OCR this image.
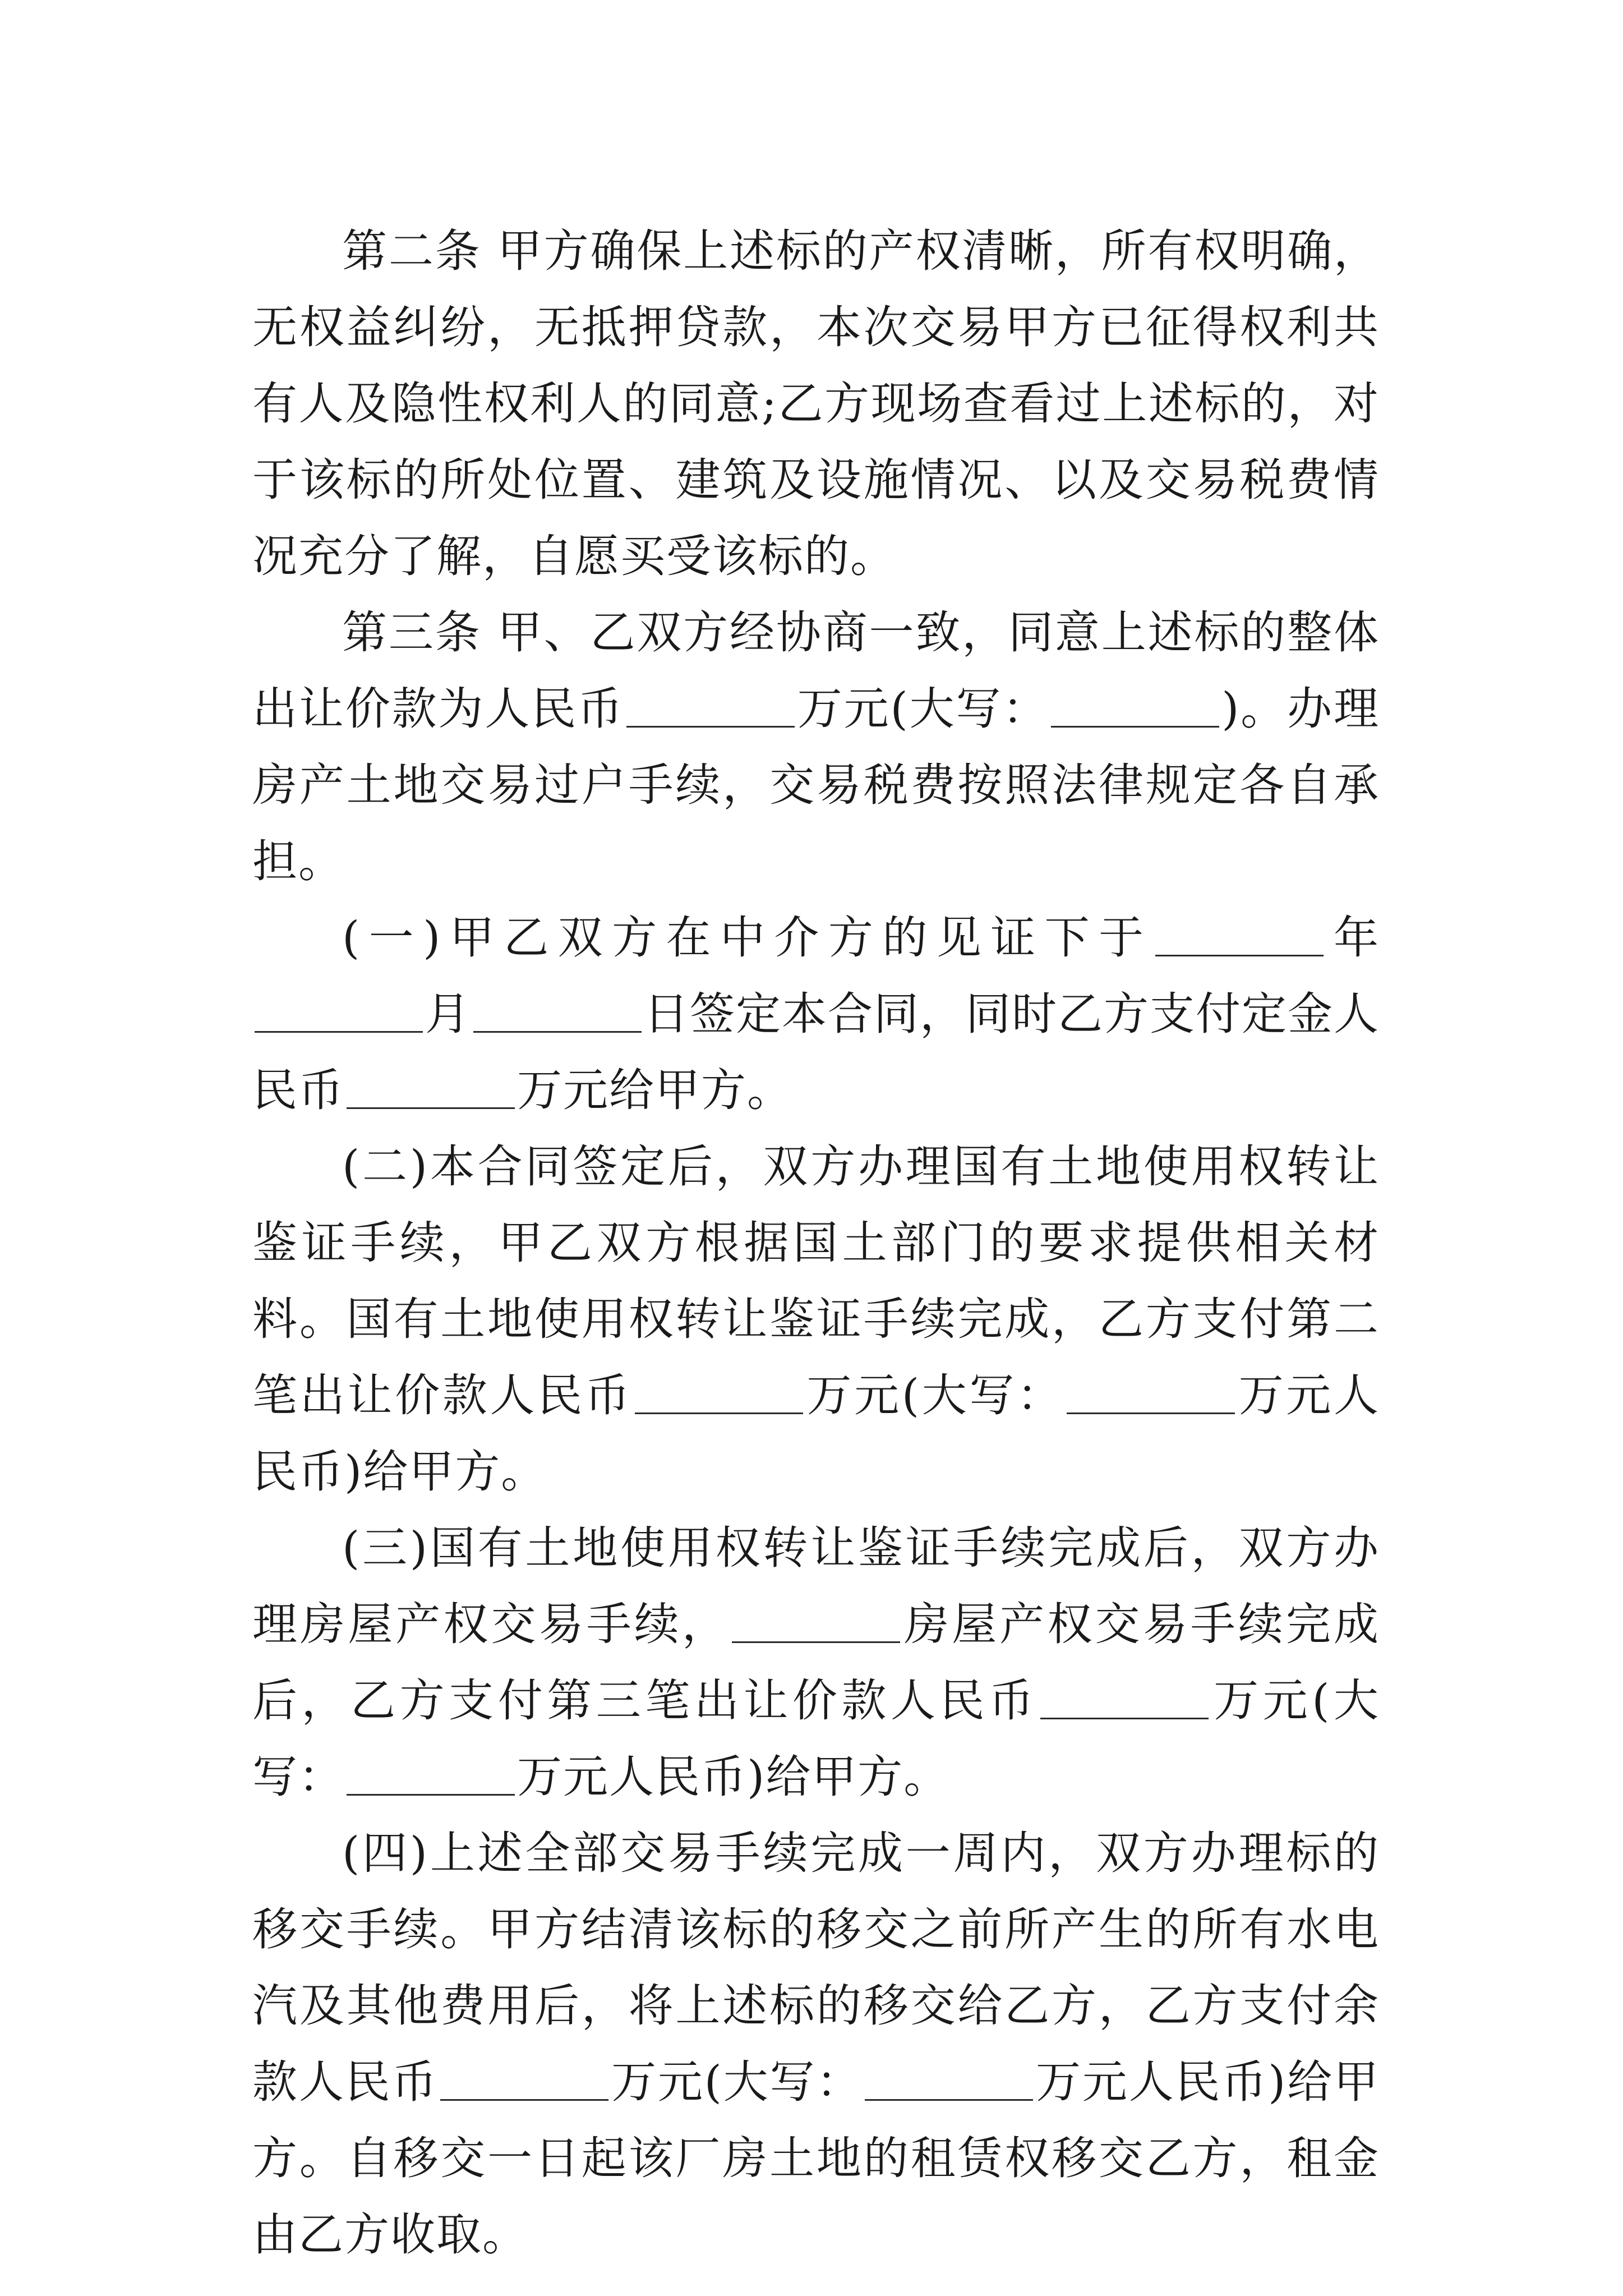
第二条 甲方确保上述标的产权清晰，所有权明确，无权益纠纷，无抵押贷款，本次交易甲方已征得权利共有人及隐性权利人的同意;乙方现场查看过上述标的，对于该标的所处位置、建筑及设施情况、以及交易税费情况充分了解，自愿买受该标的。

第三条 甲、乙双方经协商一致，同意上述标的整体出让价款为人民币	万元(大写：	)。办理房产土地交易过户手续，交易税费按照法律规定各自承担。

(一)甲乙双方在中介方的见证下于	年月	日签定本合同，同时乙方支付定金人民币	万元给甲方。

(二)本合同签定后，双方办理国有土地使用权转让鉴证手续，甲乙双方根据国土部门的要求提供相关材料。国有土地使用权转让鉴证手续完成，乙方支付第二笔出让价款人民币	万元(大写：	万元人民币)给甲方。

(三)国有土地使用权转让鉴证手续完成后，双方办理房屋产权交易手续，	房屋产权交易手续完成后，乙方支付第三笔出让价款人民币	万元(大写：	万元人民币)给甲方。

(四)上述全部交易手续完成一周内，双方办理标的移交手续。甲方结清该标的移交之前所产生的所有水电汽及其他费用后，将上述标的移交给乙方，乙方支付余款人民币	万元(大写：	万元人民币)给甲方。自移交一日起该厂房土地的租赁权移交乙方，租金由乙方收取。
